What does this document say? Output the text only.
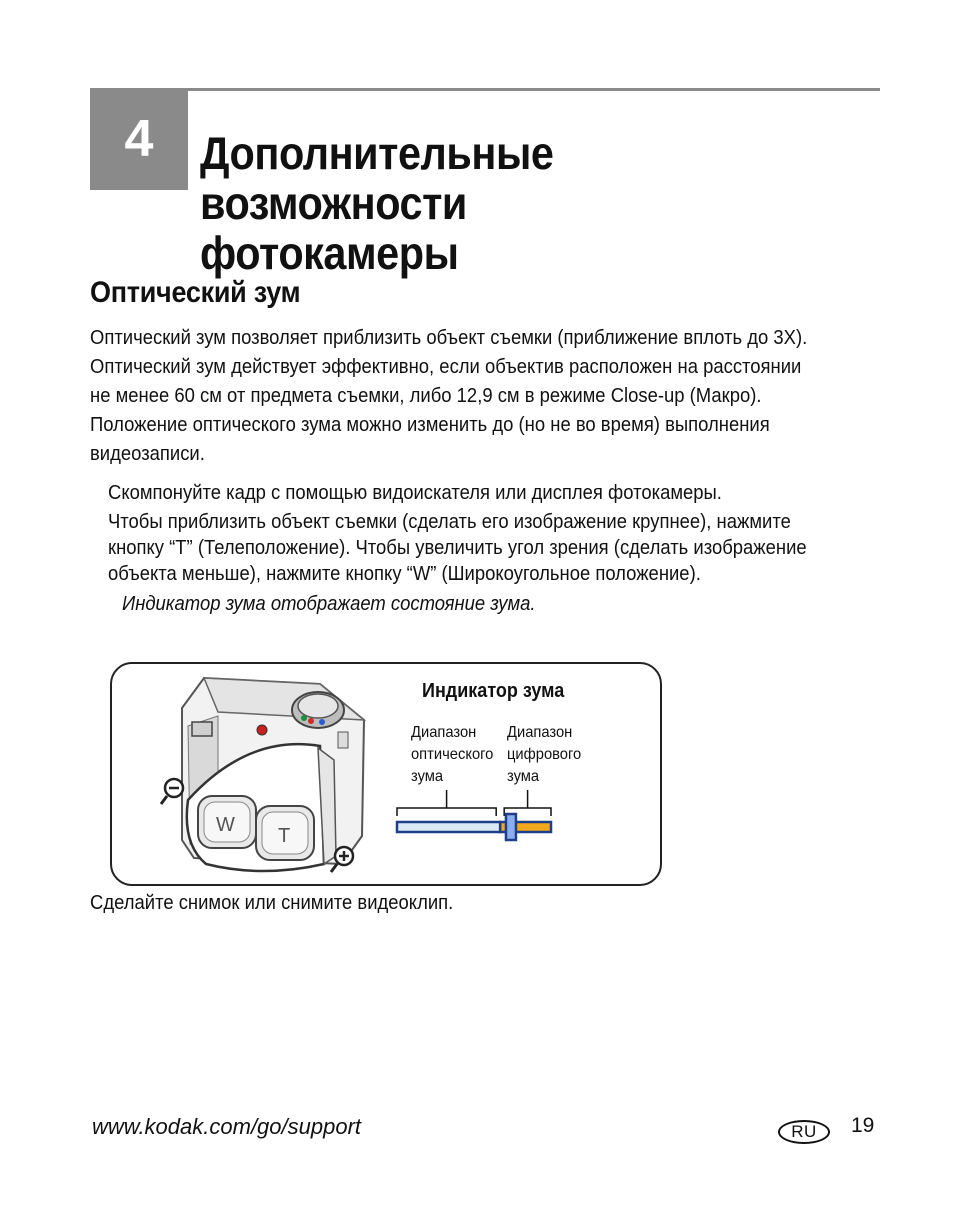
4 Дополнительные возможности
фотокамеры
Оптический зум

Оптический зум позволяет приблизить объект съемки (приближение вплоть до 3X).
Оптический зум действует эффективно, если объектив расположен на расстоянии
не менее 60 см от предмета съемки, либо 12,9 см в режиме Close-up (Макро).
Положение оптического зума можно изменить до (но не во время) выполнения
видеозаписи.

Скомпонуйте кадр с помощью видоискателя или дисплея фотокамеры.

Чтобы приблизить объект съемки (сделать его изображение крупнее), нажмите
кнопку “T” (Телеположение). Чтобы увеличить угол зрения (сделать изображение
объекта меньше), нажмите кнопку “W” (Широкоугольное положение).

Индикатор зума отображает состояние зума.
W T
Индикатор зума
Диапазон
оптического
зума
Диапазон
цифрового
зума
Сделайте снимок или снимите видеоклип.
www.kodak.com/go/support	RU 19
